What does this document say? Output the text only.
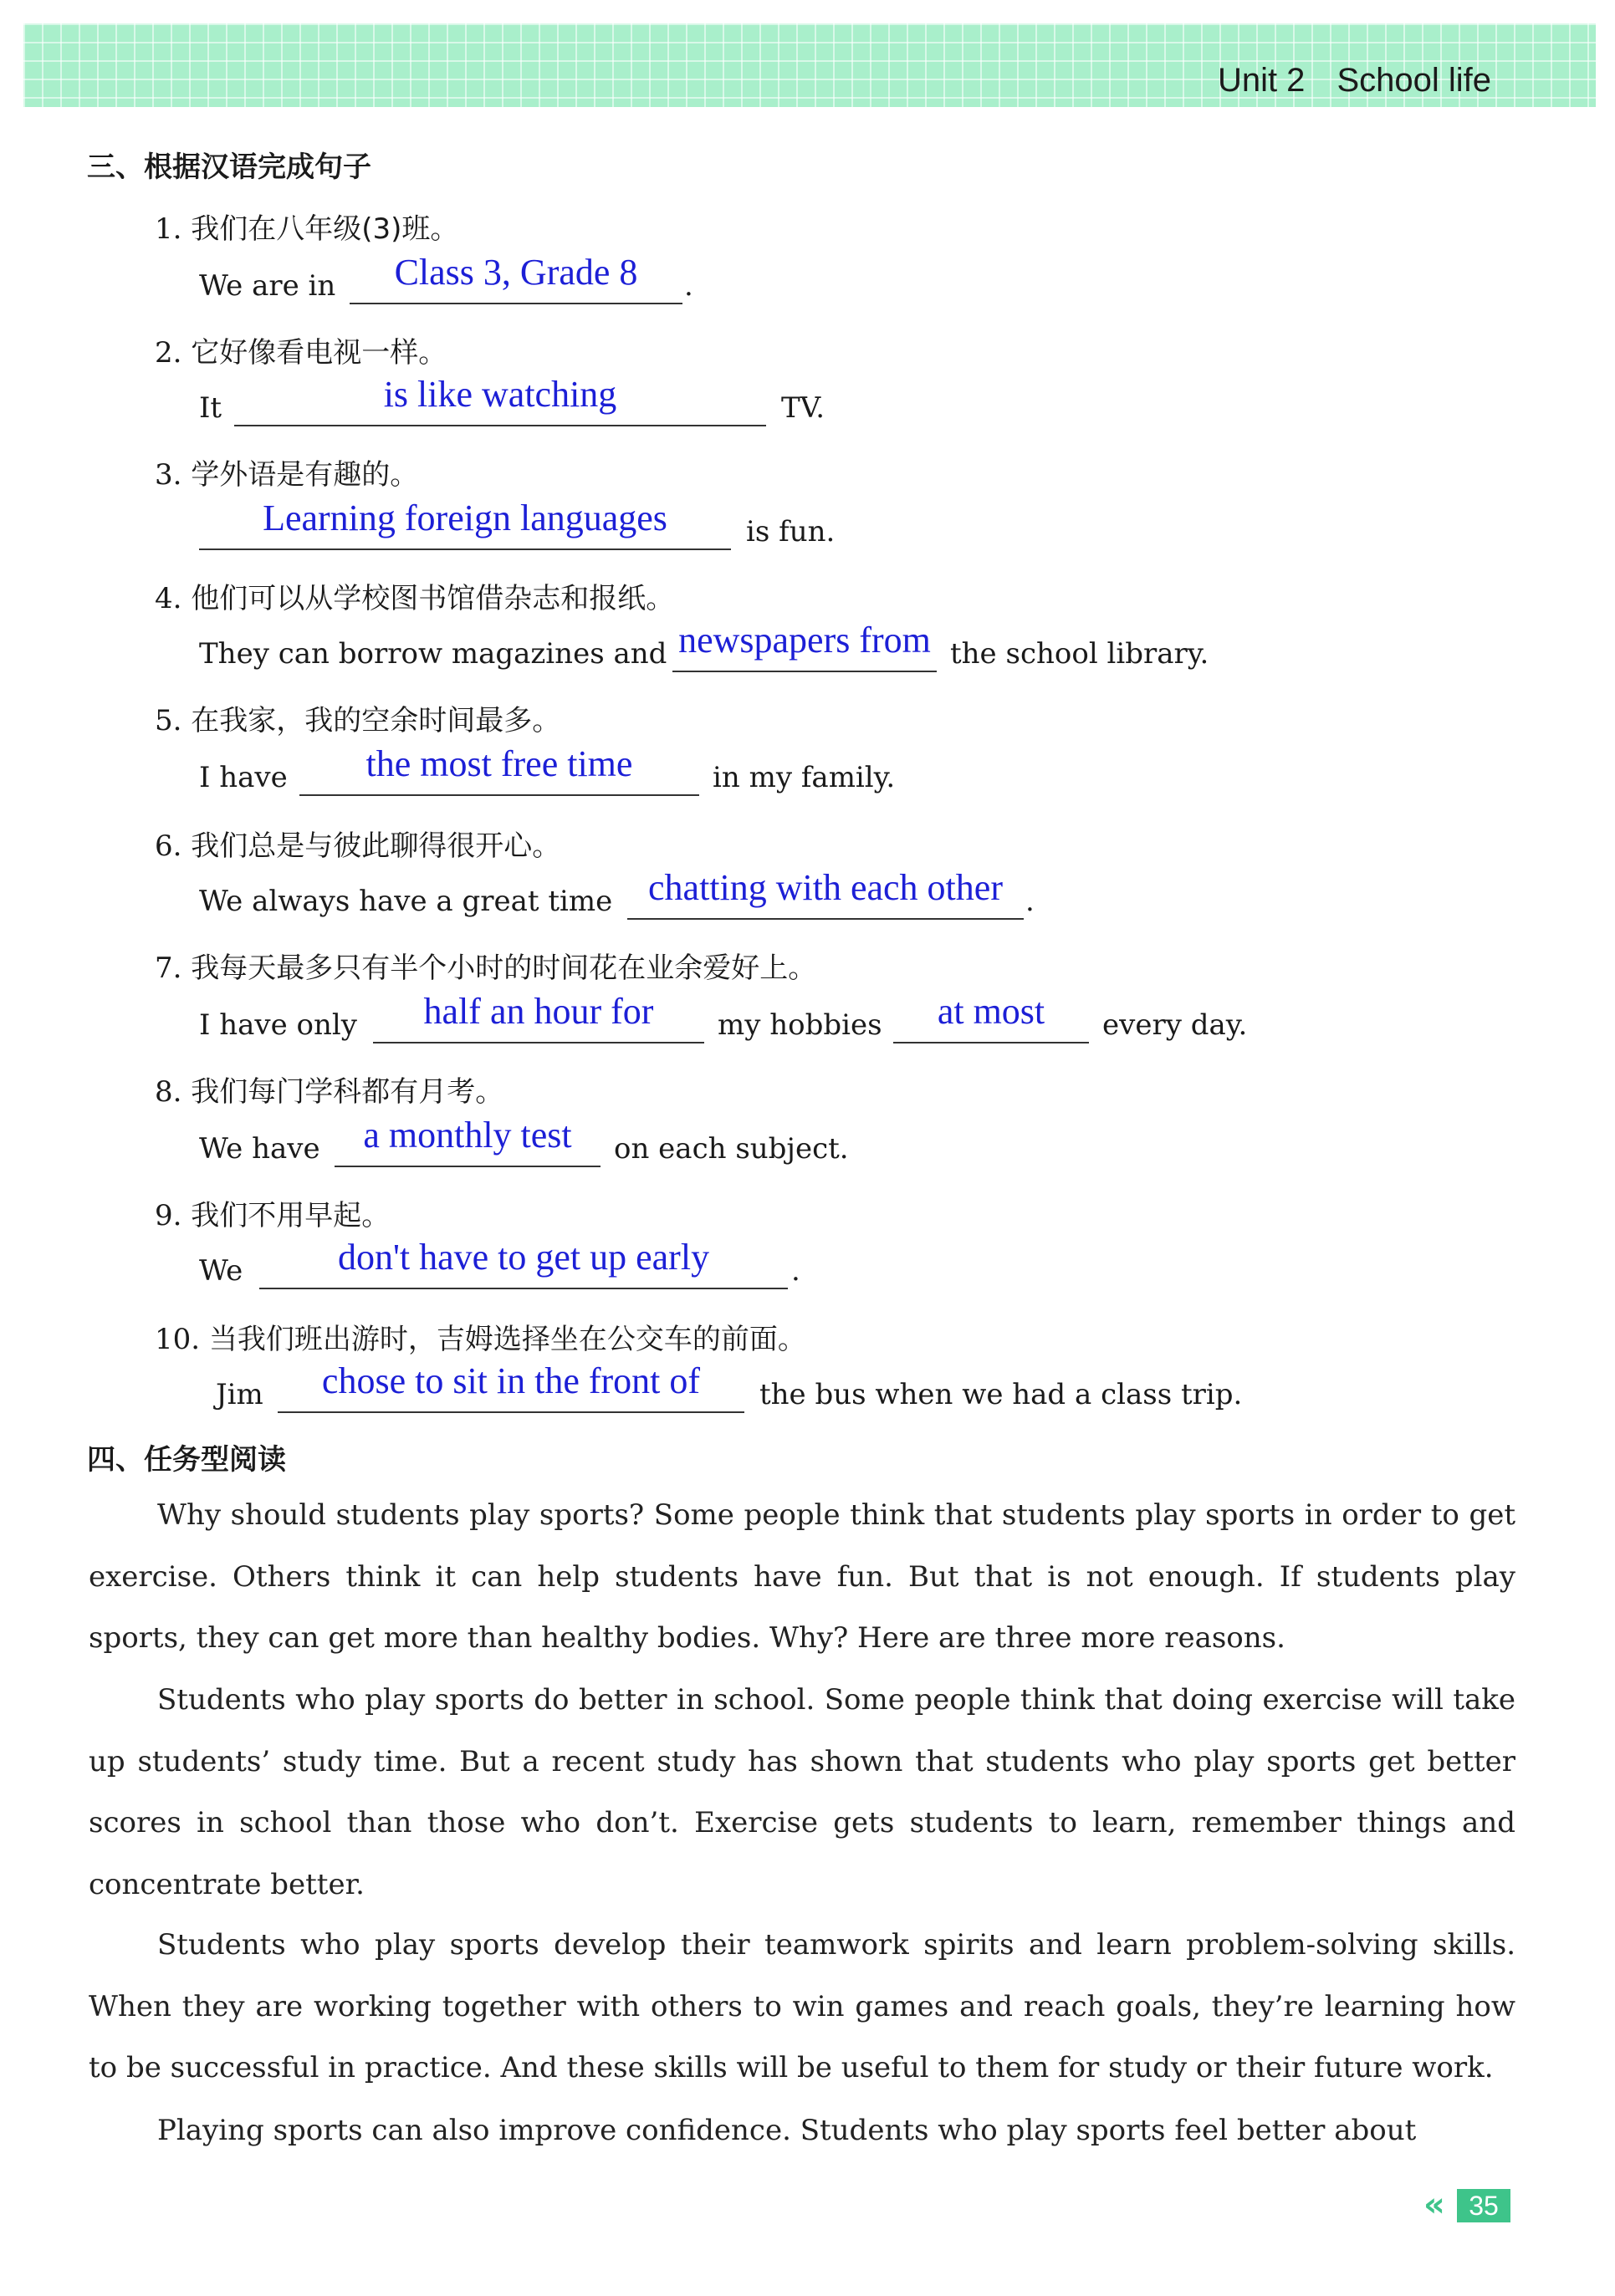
Unit 2 School life
三、根据汉语完成句子
1. 我们在八年级(3)班。
We are in	Class 3, Grade 8	.
2. 它好像看电视一样。
It	is like watching	TV.
3. 学外语是有趣的。
Learning foreign languages	is fun.
4. 他们可以从学校图书馆借杂志和报纸。
They can borrow magazines and newspapers from the school library.
5. 在我家，我的空余时间最多。
I have	the most free time	in my family.
6. 我们总是与彼此聊得很开心。
We always have a great time chatting with each other .
7. 我每天最多只有半个小时的时间花在业余爱好上。
I have only	half an hour for	my hobbies	at most	every day.
8. 我们每门学科都有月考。
We have	a monthly test	on each subject.
9. 我们不用早起。
We	don't have to get up early	.
10. 当我们班出游时，吉姆选择坐在公交车的前面。
Jim	chose to sit in the front of	the bus when we had a class trip.
四、任务型阅读

Why should students play sports? Some people think that students play sports in order to get exercise. Others think it can help students have fun. But that is not enough. If students play sports, they can get more than healthy bodies. Why? Here are three more reasons.

Students who play sports do better in school. Some people think that doing exercise will take up students’ study time. But a recent study has shown that students who play sports get better scores in school than those who don’t. Exercise gets students to learn, remember things and concentrate better.

Students who play sports develop their teamwork spirits and learn problem-solving skills. When they are working together with others to win games and reach goals, they’re learning how to be successful in practice. And these skills will be useful to them for study or their future work.

Playing sports can also improve confidence. Students who play sports feel better about

«	35
